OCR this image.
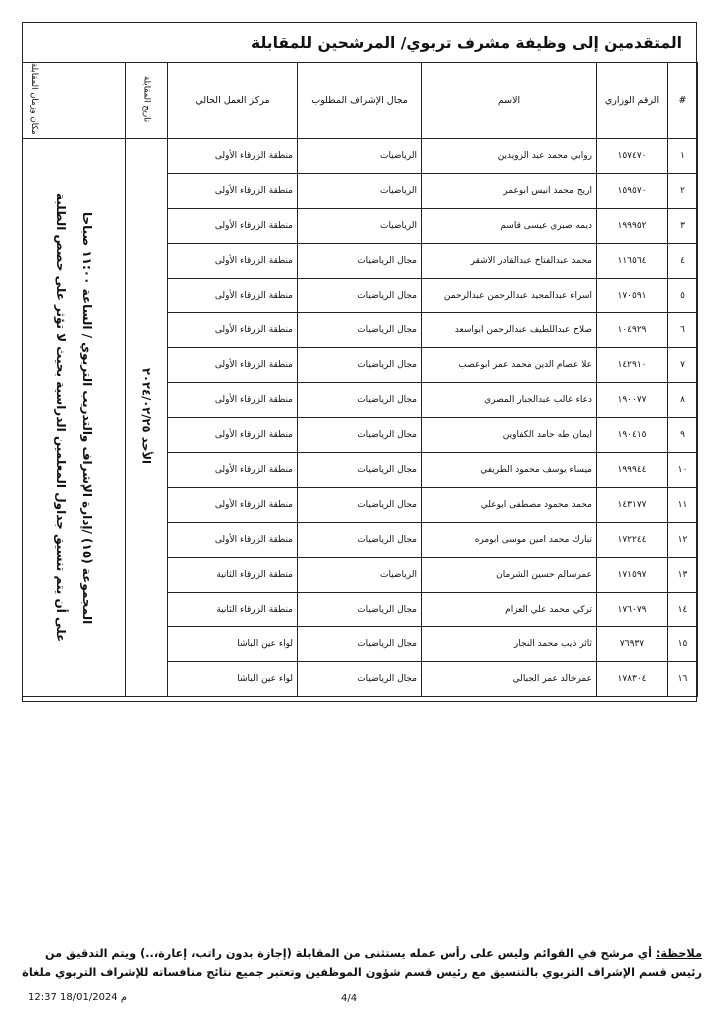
المتقدمين إلى وظيفة مشرف تربوي/ المرشحين للمقابلة
#	الرقم الوزاري	الاسم	مجال الإشراف المطلوب	مركز العمل الحالي	تاريخ المقابلة	مكان وزمان المقابلة
١	١٥٧٤٧٠	روابي محمد عبد الزويدين	الرياضيات	منطقة الزرقاء الأولى	الأحد ٢٠٢٤/٠٢/٢٥	المجموعة (١٥) /إدارة الإشراف والتدريب التربوي / الساعة ١١:٠٠ صباحا
على أن يتم تنسيق جداول المعلمين الدراسية بحيث لا تؤثر على حصص الطلبة

٢	١٥٩٥٧٠	اريج محمد انيس ابوعمر	الرياضيات	منطقة الزرقاء الأولى		
٣	١٩٩٩٥٢	ديمه صبري عيسى قاسم	الرياضيات	منطقة الزرقاء الأولى		
٤	١١٦٥٦٤	محمد عبدالفتاح عبدالقادر الاشقر	مجال الرياضيات	منطقة الزرقاء الأولى		
٥	١٧٠٥٩١	اسراء عبدالمجيد عبدالرحمن عبدالرحمن	مجال الرياضيات	منطقة الزرقاء الأولى		
٦	١٠٤٩٢٩	صلاح عبداللطيف عبدالرحمن ابواسعد	مجال الرياضيات	منطقة الزرقاء الأولى		
٧	١٤٢٩١٠	علا عصام الدين محمد عمر ابوعصب	مجال الرياضيات	منطقة الزرقاء الأولى		
٨	١٩٠٠٧٧	دعاء غالب عبدالجبار المصري	مجال الرياضيات	منطقة الزرقاء الأولى		
٩	١٩٠٤١٥	ايمان طه حامد الكفاوين	مجال الرياضيات	منطقة الزرقاء الأولى		
١٠	١٩٩٩٤٤	ميساء يوسف محمود الطريفي	مجال الرياضيات	منطقة الزرقاء الأولى		
١١	١٤٣١٧٧	محمد محمود مصطفى ابوعلي	مجال الرياضيات	منطقة الزرقاء الأولى		
١٢	١٧٢٢٤٤	تبارك محمد امين موسى ابومره	مجال الرياضيات	منطقة الزرقاء الأولى		
١٣	١٧١٥٩٧	عمرسالم حسين الشرمان	الرياضيات	منطقة الزرقاء الثانية		
١٤	١٧٦٠٧٩	تركي محمد علي العزام	مجال الرياضيات	منطقة الزرقاء الثانية		
١٥	٧٦٩٣٧	ثائر ذيب محمد النجار	مجال الرياضيات	لواء عين الباشا		
١٦	١٧٨٣٠٤	عمرخالد عمر الجبالي	مجال الرياضيات	لواء عين الباشا		
ملاحظة: أي مرشح في القوائم وليس على رأس عمله يستثنى من المقابلة (إجازة بدون راتب، إعارة،..) ويتم التدقيق من رئيس قسم الإشراف التربوي بالتنسيق مع رئيس قسم شؤون الموظفين وتعتبر جميع نتائج منافساته للإشراف التربوي ملغاة
م 18/01/2024 12:37	4/4
